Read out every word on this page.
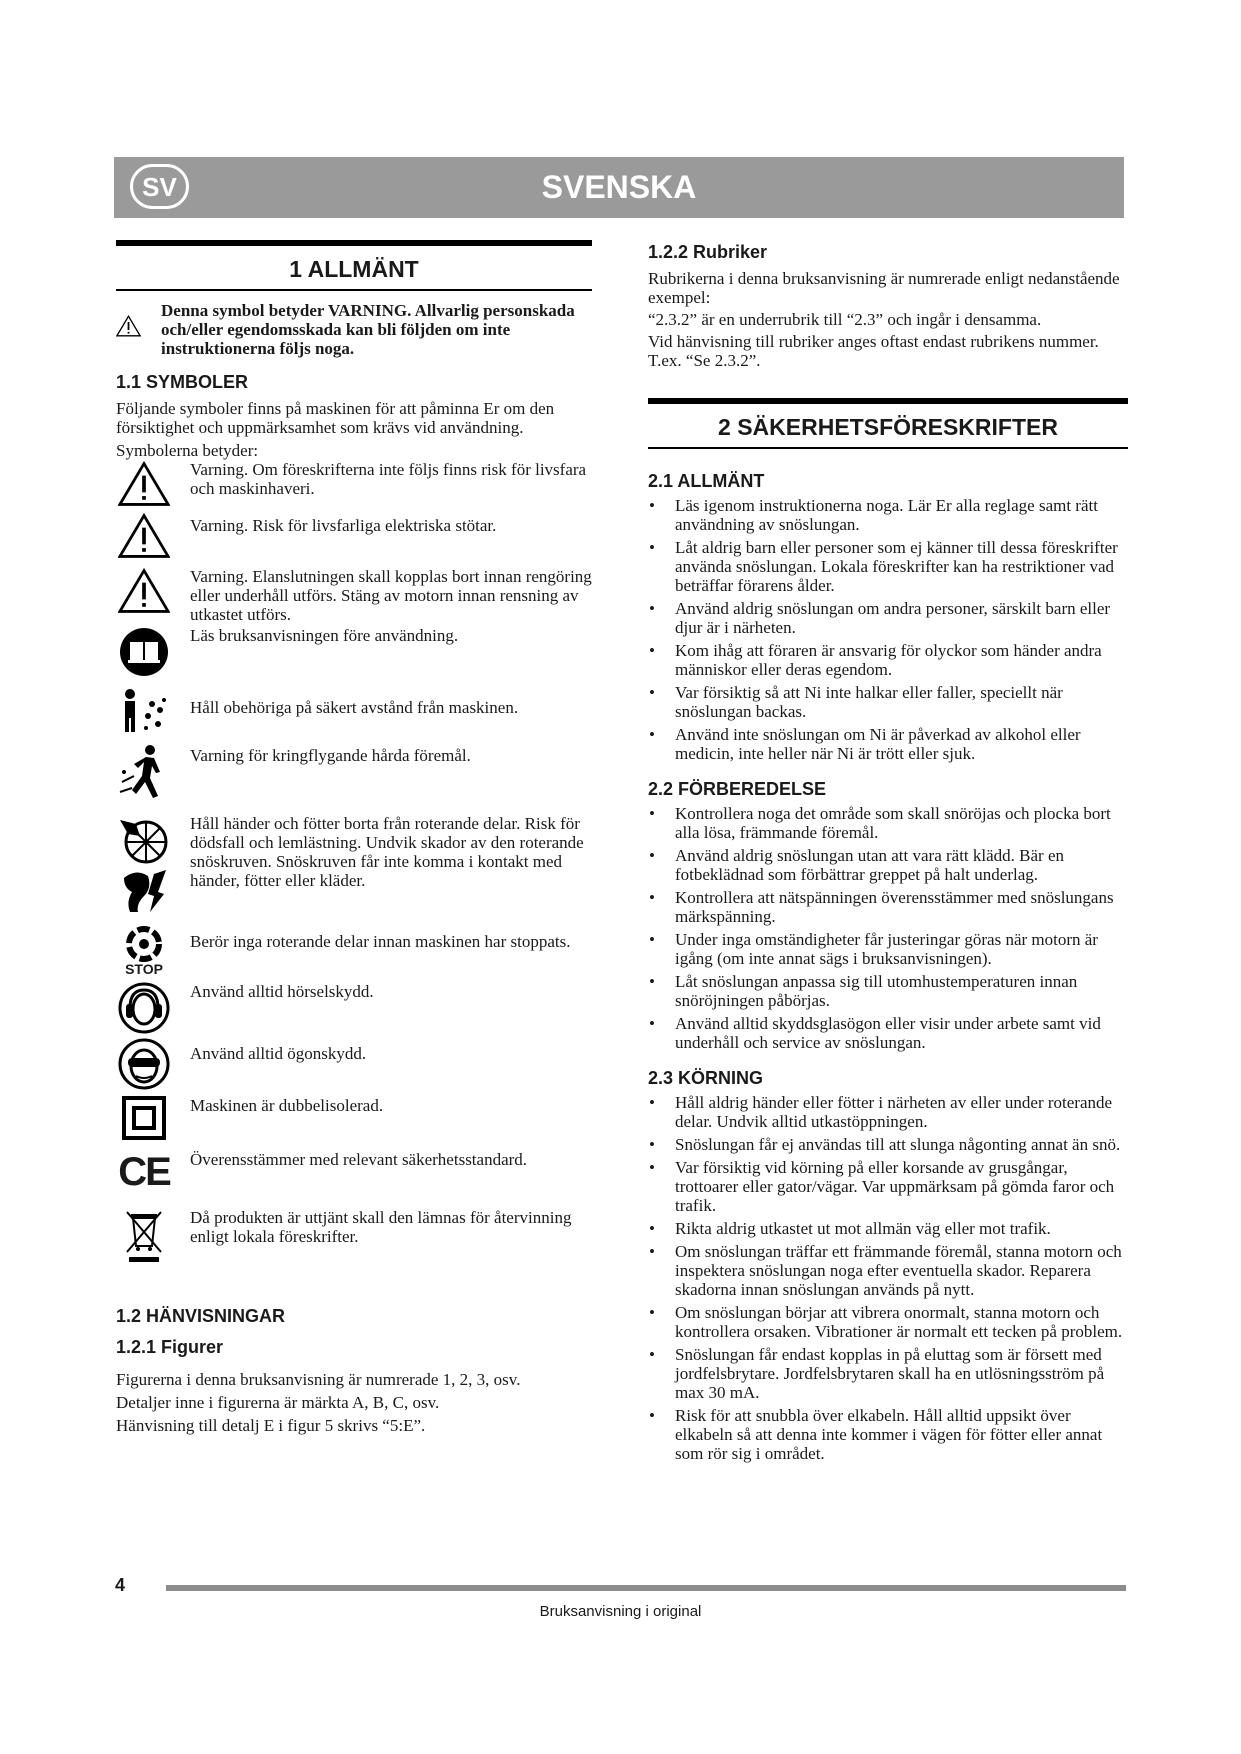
SV	SVENSKA
1 ALLMÄNT
Denna symbol betyder VARNING. Allvarlig personskada och/eller egendomsskada kan bli följden om inte instruktionerna följs noga.
1.1 SYMBOLER

Följande symboler finns på maskinen för att påminna Er om den försiktighet och uppmärksamhet som krävs vid användning.

Symbolerna betyder:

Varning. Om föreskrifterna inte följs finns risk för livsfara och maskinhaveri.
Varning. Risk för livsfarliga elektriska stötar.
Varning. Elanslutningen skall kopplas bort innan rengöring eller underhåll utförs. Stäng av motorn innan rensning av utkastet utförs.
Läs bruksanvisningen före användning.
Håll obehöriga på säkert avstånd från maskinen.
Varning för kringflygande hårda föremål.
Håll händer och fötter borta från roterande delar. Risk för dödsfall och lemlästning. Undvik skador av den roterande snöskruven. Snöskruven får inte komma i kontakt med händer, fötter eller kläder.
STOP
Berör inga roterande delar innan maskinen har stoppats.
Använd alltid hörselskydd.
Använd alltid ögonskydd.
Maskinen är dubbelisolerad.
CE Överensstämmer med relevant säkerhetsstandard.
Då produkten är uttjänt skall den lämnas för återvinning enligt lokala föreskrifter.
1.2 HÄNVISNINGAR
1.2.1 Figurer

Figurerna i denna bruksanvisning är numrerade 1, 2, 3, osv.

Detaljer inne i figurerna är märkta A, B, C, osv.

Hänvisning till detalj E i figur 5 skrivs “5:E”.

1.2.2 Rubriker

Rubrikerna i denna bruksanvisning är numrerade enligt nedanstående exempel:

“2.3.2” är en underrubrik till “2.3” och ingår i densamma.

Vid hänvisning till rubriker anges oftast endast rubrikens nummer. T.ex. “Se 2.3.2”.

2 SÄKERHETSFÖRESKRIFTER
2.1 ALLMÄNT
• Läs igenom instruktionerna noga. Lär Er alla reglage samt rätt användning av snöslungan.
• Låt aldrig barn eller personer som ej känner till dessa föreskrifter använda snöslungan. Lokala föreskrifter kan ha restriktioner vad beträffar förarens ålder.
• Använd aldrig snöslungan om andra personer, särskilt barn eller djur är i närheten.
• Kom ihåg att föraren är ansvarig för olyckor som händer andra människor eller deras egendom.
• Var försiktig så att Ni inte halkar eller faller, speciellt när snöslungan backas.
• Använd inte snöslungan om Ni är påverkad av alkohol eller medicin, inte heller när Ni är trött eller sjuk.
2.2 FÖRBEREDELSE
• Kontrollera noga det område som skall snöröjas och plocka bort alla lösa, främmande föremål.
• Använd aldrig snöslungan utan att vara rätt klädd. Bär en fotbeklädnad som förbättrar greppet på halt underlag.
• Kontrollera att nätspänningen överensstämmer med snöslungans märkspänning.
• Under inga omständigheter får justeringar göras när motorn är igång (om inte annat sägs i bruksanvisningen).
• Låt snöslungan anpassa sig till utomhustemperaturen innan snöröjningen påbörjas.
• Använd alltid skyddsglasögon eller visir under arbete samt vid underhåll och service av snöslungan.
2.3 KÖRNING
• Håll aldrig händer eller fötter i närheten av eller under roterande delar. Undvik alltid utkastöppningen.
• Snöslungan får ej användas till att slunga någonting annat än snö.
• Var försiktig vid körning på eller korsande av grusgångar, trottoarer eller gator/vägar. Var uppmärksam på gömda faror och trafik.
• Rikta aldrig utkastet ut mot allmän väg eller mot trafik.
• Om snöslungan träffar ett främmande föremål, stanna motorn och inspektera snöslungan noga efter eventuella skador. Reparera skadorna innan snöslungan används på nytt.
• Om snöslungan börjar att vibrera onormalt, stanna motorn och kontrollera orsaken. Vibrationer är normalt ett tecken på problem.
• Snöslungan får endast kopplas in på eluttag som är försett med jordfelsbrytare. Jordfelsbrytaren skall ha en utlösningsström på max 30 mA.
• Risk för att snubbla över elkabeln. Håll alltid uppsikt över elkabeln så att denna inte kommer i vägen för fötter eller annat som rör sig i området.
4
Bruksanvisning i original
